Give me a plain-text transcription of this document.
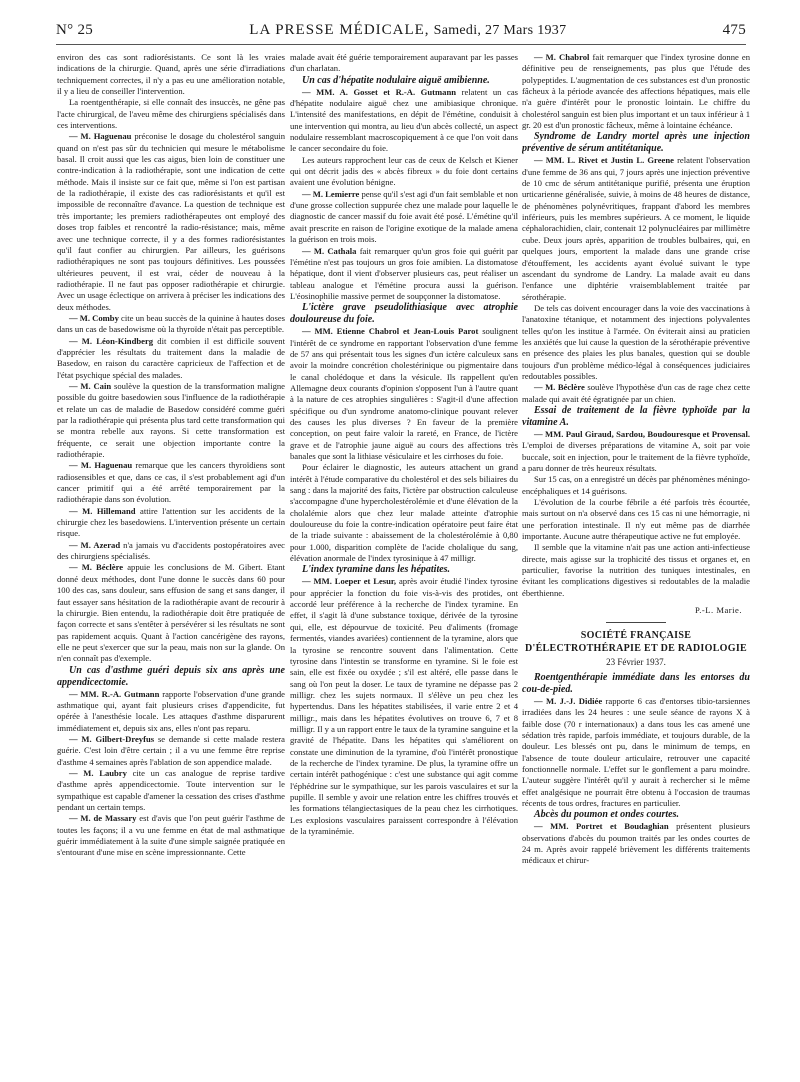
N° 25	LA PRESSE MÉDICALE, Samedi, 27 Mars 1937	475

environ des cas sont radiorésistants. Ce sont là les vraies indications de la chirurgie. Quand, après une série d'irradiations techniquement correctes, il n'y a pas eu une amélioration notable, il y a lieu de conseiller l'intervention.

La roentgenthérapie, si elle connaît des insuccès, ne gêne pas l'acte chirurgical, de l'aveu même des chirurgiens spécialisés dans ces interventions.

— M. Haguenau préconise le dosage du cholestérol sanguin quand on n'est pas sûr du technicien qui mesure le métabolisme basal. Il croit aussi que les cas aigus, bien loin de constituer une contre-indication à la radiothérapie, sont une indication de cette méthode. Mais il insiste sur ce fait que, même si l'on est partisan de la radiothérapie, il existe des cas radiorésistants et qu'il est impossible de reconnaître d'avance. La question de technique est très importante; les premiers radiothérapeutes ont employé des doses trop faibles et rencontré la radio-résistance; mais, même avec une technique correcte, il y a des formes radiorésistantes qu'il faut confier au chirurgien. Par ailleurs, les guérisons radiothérapiques ne sont pas toujours définitives. Les poussées ultérieures peuvent, il est vrai, céder de nouveau à la radiothérapie. Il ne faut pas opposer radiothérapie et chirurgie. Avec un usage éclectique on arrivera à préciser les indications des deux méthodes.

— M. Comby cite un beau succès de la quinine à hautes doses dans un cas de basedowisme où la thyroïde n'était pas perceptible.

— M. Léon-Kindberg dit combien il est difficile souvent d'apprécier les résultats du traitement dans la maladie de Basedow, en raison du caractère capricieux de l'affection et de l'état psychique spécial des malades.

— M. Cain soulève la question de la transformation maligne possible du goitre basedowien sous l'influence de la radiothérapie et relate un cas de maladie de Basedow considéré comme guéri par la radiothérapie qui présenta plus tard cette transformation qui se montra rebelle aux rayons. Si cette transformation est fréquente, ce serait une objection importante contre la radiothérapie.

— M. Haguenau remarque que les cancers thyroïdiens sont radiosensibles et que, dans ce cas, il s'est probablement agi d'un cancer primitif qui a été arrêté temporairement par la radiothérapie dans son évolution.

— M. Hillemand attire l'attention sur les accidents de la chirurgie chez les basedowiens. L'intervention présente un certain risque.

— M. Azerad n'a jamais vu d'accidents postopératoires avec des chirurgiens spécialisés.

— M. Béclère appuie les conclusions de M. Gibert. Etant donné deux méthodes, dont l'une donne le succès dans 60 pour 100 des cas, sans douleur, sans effusion de sang et sans danger, il faut essayer sans hésitation de la radiothérapie avant de recourir à la chirurgie. Bien entendu, la radiothérapie doit être pratiquée de façon correcte et sans s'entêter à persévérer si les résultats ne sont pas rapidement acquis. Quant à l'action cancérigène des rayons, elle ne peut s'exercer que sur la peau, mais non sur la glande. On n'en connaît pas d'exemple.

Un cas d'asthme guéri depuis six ans après une appendicectomie.

— MM. R.-A. Gutmann rapporte l'observation d'une grande asthmatique qui, ayant fait plusieurs crises d'appendicite, fut opérée à l'anesthésie locale. Les attaques d'asthme disparurent immédiatement et, depuis six ans, elles n'ont pas reparu.

— M. Gilbert-Dreyfus se demande si cette malade restera guérie. C'est loin d'être certain ; il a vu une femme être reprise d'asthme 4 semaines après l'ablation de son appendice malade.

— M. Laubry cite un cas analogue de reprise tardive d'asthme après appendicectomie. Toute intervention sur le sympathique est capable d'amener la cessation des crises d'asthme pendant un certain temps.

— M. de Massary est d'avis que l'on peut guérir l'asthme de toutes les façons; il a vu une femme en état de mal asthmatique guérir immédiatement à la suite d'une simple saignée pratiquée en s'entourant d'une mise en scène impressionnante. Cette

malade avait été guérie temporairement auparavant par les passes d'un charlatan.

Un cas d'hépatite nodulaire aiguë amibienne.

— MM. A. Gosset et R.-A. Gutmann relatent un cas d'hépatite nodulaire aiguë chez une amibiasique chronique. L'intensité des manifestations, en dépit de l'émétine, conduisit à une intervention qui montra, au lieu d'un abcès collecté, un aspect nodulaire ressemblant macroscopiquement à ce que l'on voit dans le cancer secondaire du foie.

Les auteurs rapprochent leur cas de ceux de Kelsch et Kiener qui ont décrit jadis des « abcès fibreux » du foie dont certains avaient une évolution bénigne.

— M. Lemierre pense qu'il s'est agi d'un fait semblable et non d'une grosse collection suppurée chez une malade pour laquelle le diagnostic de cancer massif du foie avait été posé. L'émétine qu'il avait prescrite en raison de l'origine exotique de la malade amena la guérison en trois mois.

— M. Cathala fait remarquer qu'un gros foie qui guérit par l'émétine n'est pas toujours un gros foie amibien. La distomatose hépatique, dont il vient d'observer plusieurs cas, peut réaliser un tableau analogue et l'émétine procura aussi la guérison. L'éosinophilie massive permet de soupçonner la distomatose.

L'ictère grave pseudolithiasique avec atrophie douloureuse du foie.

— MM. Etienne Chabrol et Jean-Louis Parot soulignent l'intérêt de ce syndrome en rapportant l'observation d'une femme de 57 ans qui présentait tous les signes d'un ictère calculeux sans avoir la moindre concrétion cholestérinique ou pigmentaire dans le canal cholédoque et dans la vésicule. Ils rappellent qu'en Allemagne deux courants d'opinion s'opposent l'un à l'autre quant à la nature de ces atrophies singulières : S'agit-il d'une affection spécifique ou d'un syndrome anatomo-clinique pouvant relever des causes les plus diverses ? En faveur de la première conception, on peut faire valoir la rareté, en France, de l'ictère grave et de l'atrophie jaune aiguë au cours des affections très banales que sont la lithiase vésiculaire et les cirrhoses du foie.

Pour éclairer le diagnostic, les auteurs attachent un grand intérêt à l'étude comparative du cholestérol et des sels biliaires du sang : dans la majorité des faits, l'ictère par obstruction calculeuse s'accompagne d'une hypercholestérolémie et d'une élévation de la cholalémie alors que chez leur malade atteinte d'atrophie douloureuse du foie la contre-indication opératoire peut faire état de la triade suivante : abaissement de la cholestérolémie à 0,80 pour 1.000, disparition complète de l'acide cholalique du sang, élévation anormale de l'index tyrosinique à 47 milligr.

L'index tyramine dans les hépatites.

— MM. Loeper et Lesur, après avoir étudié l'index tyrosine pour apprécier la fonction du foie vis-à-vis des protides, ont accordé leur préférence à la recherche de l'index tyramine. En effet, il s'agit là d'une substance toxique, dérivée de la tyrosine qui, elle, est dépourvue de toxicité. Peu d'aliments (fromage fermentés, viandes avariées) contiennent de la tyramine, alors que la tyrosine se rencontre souvent dans l'alimentation. Cette tyrosine dans l'intestin se transforme en tyramine. Si le foie est sain, elle est fixée ou oxydée ; s'il est altéré, elle passe dans le sang où l'on peut la doser. Le taux de tyramine ne dépasse pas 2 milligr. chez les sujets normaux. Il s'élève un peu chez les hypertendus. Dans les hépatites stabilisées, il varie entre 2 et 4 milligr., mais dans les hépatites évolutives on trouve 6, 7 et 8 milligr. Il y a un rapport entre le taux de la tyramine sanguine et la gravité de l'hépatite. Dans les hépatites qui s'améliorent on constate une diminution de la tyramine, d'où l'intérêt pronostique de la recherche de l'index tyramine. De plus, la tyramine offre un certain intérêt pathogénique : c'est une substance qui agit comme l'éphédrine sur le sympathique, sur les parois vasculaires et sur la pupille. Il semble y avoir une relation entre les chiffres trouvés et les formations télangiectasiques de la peau chez les cirrhotiques. Les explosions vasculaires paraissent correspondre à l'élévation de la tyraminémie.

— M. Chabrol fait remarquer que l'index tyrosine donne en définitive peu de renseignements, pas plus que l'étude des polypeptides. L'augmentation de ces substances est d'un pronostic fâcheux à la période avancée des affections hépatiques, mais elle n'a guère d'intérêt pour le pronostic lointain. Le chiffre du cholestérol sanguin est bien plus important et un taux inférieur à 1 gr. 20 est d'un pronostic fâcheux, même à lointaine échéance.

Syndrome de Landry mortel après une injection préventive de sérum antitétanique.

— MM. L. Rivet et Justin L. Greene relatent l'observation d'une femme de 36 ans qui, 7 jours après une injection préventive de 10 cmc de sérum antitétanique purifié, présenta une éruption urticarienne généralisée, suivie, à moins de 48 heures de distance, de phénomènes polynévritiques, frappant d'abord les membres inférieurs, puis les membres supérieurs. A ce moment, le liquide céphalorachidien, clair, contenait 12 polynucléaires par millimètre cube. Deux jours après, apparition de troubles bulbaires, qui, en quelques jours, emportent la malade dans une grande crise d'étouffement, les accidents ayant évolué suivant le type ascendant du syndrome de Landry. La malade avait eu dans l'enfance une diphtérie vraisemblablement traitée par sérothérapie.

De tels cas doivent encourager dans la voie des vaccinations à l'anatoxine tétanique, et notamment des injections polyvalentes telles qu'on les institue à l'armée. On éviterait ainsi au praticien les anxiétés que lui cause la question de la sérothérapie préventive en présence des plaies les plus banales, question qui se double toujours d'un problème médico-légal à conséquences judiciaires redoutables possibles.

— M. Béclère soulève l'hypothèse d'un cas de rage chez cette malade qui avait été égratignée par un chien.

Essai de traitement de la fièvre typhoïde par la vitamine A.

— MM. Paul Giraud, Sardou, Boudouresque et Provensal. L'emploi de diverses préparations de vitamine A, soit par voie buccale, soit en injection, pour le traitement de la fièvre typhoïde, a paru donner de très heureux résultats.

Sur 15 cas, on a enregistré un décès par phénomènes méningo-encéphaliques et 14 guérisons.

L'évolution de la courbe fébrile a été parfois très écourtée, mais surtout on n'a observé dans ces 15 cas ni une hémorragie, ni une perforation intestinale. Il n'y eut même pas de diarrhée importante. Aucune autre thérapeutique active ne fut employée.

Il semble que la vitamine n'ait pas une action anti-infectieuse directe, mais agisse sur la trophicité des tissus et organes et, en particulier, favorise la nutrition des tuniques intestinales, en évitant les complications digestives si redoutables de la maladie éberthienne.

P.-L. Marie.
SOCIÉTÉ FRANÇAISE
D'ÉLECTROTHÉRAPIE ET DE RADIOLOGIE
23 Février 1937.

Roentgenthérapie immédiate dans les entorses du cou-de-pied.

— M. J.-J. Didiée rapporte 6 cas d'entorses tibio-tarsiennes irradiées dans les 24 heures : une seule séance de rayons X à faible dose (70 r internationaux) a dans tous les cas amené une sédation très rapide, parfois immédiate, et toujours durable, de la douleur. Les blessés ont pu, dans le minimum de temps, en l'absence de toute douleur articulaire, retrouver une capacité fonctionnelle normale. L'effet sur le gonflement a paru moindre. L'auteur suggère l'intérêt qu'il y aurait à rechercher si le même effet analgésique ne pourrait être obtenu à l'occasion de traumas récents de tous ordres, fractures en particulier.

Abcès du poumon et ondes courtes.

— MM. Portret et Boudaghian présentent plusieurs observations d'abcès du poumon traités par les ondes courtes de 24 m. Après avoir rappelé brièvement les différents traitements médicaux et chirur-
